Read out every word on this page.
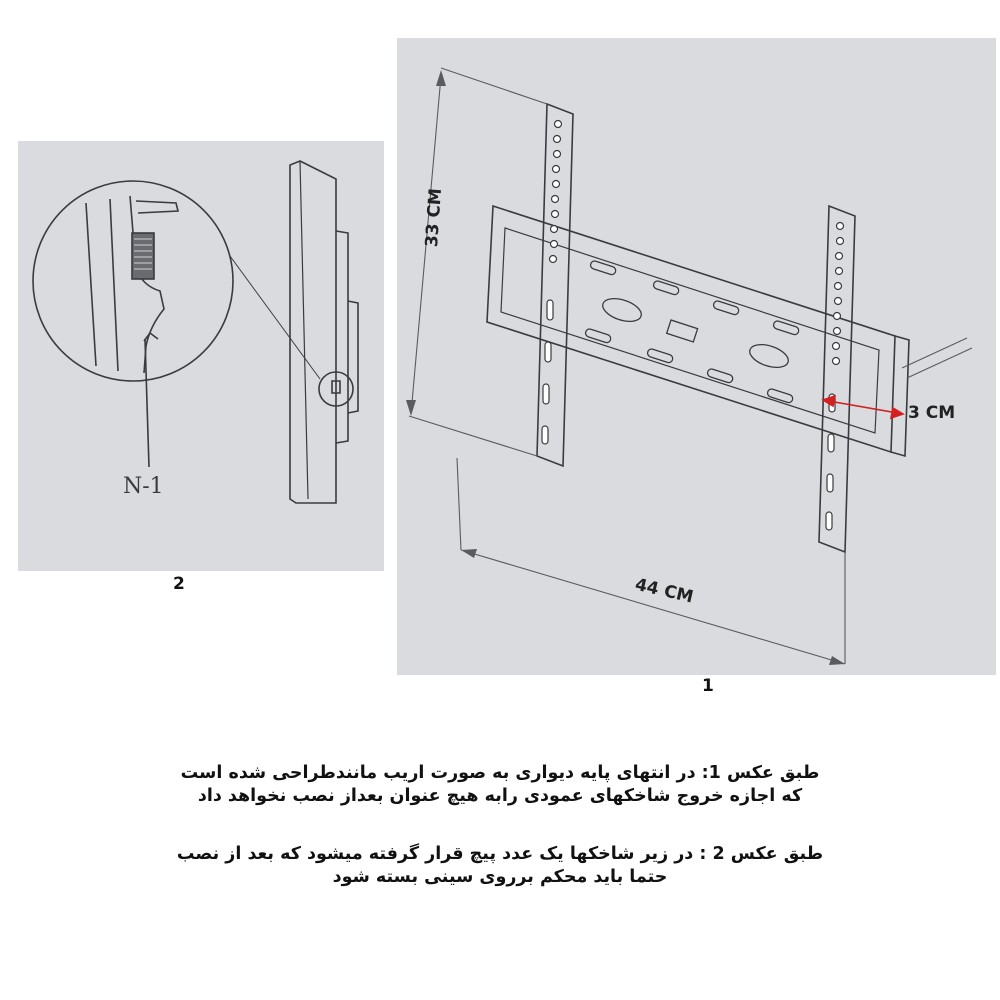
N-1
2
33 CM
44 CM
3 CM
1
طبق عکس 1: در انتهای پایه دیواری به صورت اریب مانندطراحی شده است
که اجازه خروج شاخکهای عمودی رابه هیچ عنوان بعداز نصب نخواهد داد
طبق عکس 2 : در زیر شاخکها یک عدد پیچ قرار گرفته میشود که بعد از نصب
حتما باید محکم برروی سینی بسته شود
